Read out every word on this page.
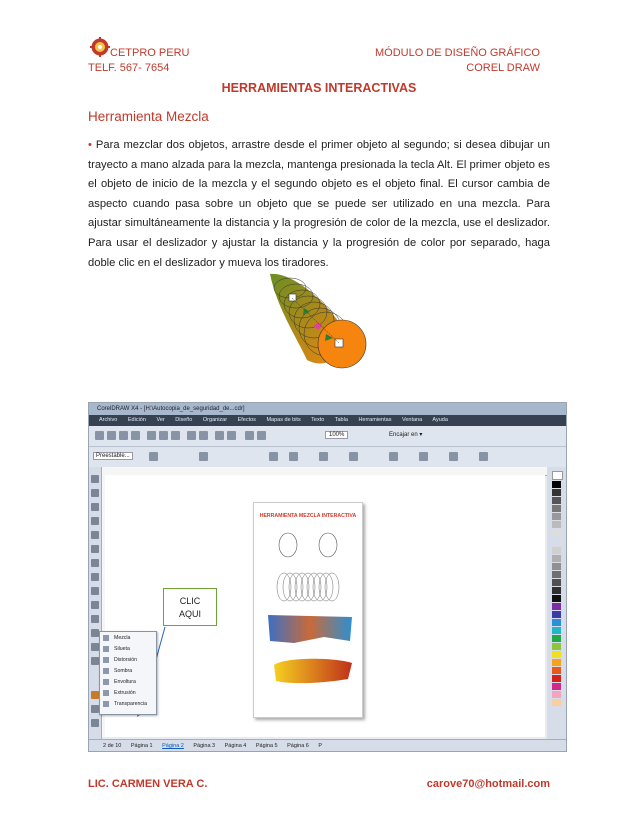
CETPRO PERU
TELF. 567- 7654
MÓDULO DE DISEÑO GRÁFICO
COREL DRAW
HERRAMIENTAS INTERACTIVAS
Herramienta Mezcla
• Para mezclar dos objetos, arrastre desde el primer objeto al segundo; si desea dibujar un trayecto a mano alzada para la mezcla, mantenga presionada la tecla Alt. El primer objeto es el objeto de inicio de la mezcla y el segundo objeto es el objeto final. El cursor cambia de aspecto cuando pasa sobre un objeto que se puede ser utilizado en una mezcla. Para ajustar simultáneamente la distancia y la progresión de color de la mezcla, use el deslizador. Para usar el deslizador y ajustar la distancia y la progresión de color por separado, haga doble clic en el deslizador y mueva los tiradores.
CorelDRAW X4 - [H:\Autocopia_de_seguridad_de...cdr]
Archivo Edición Ver Diseño Organizar Efectos Mapas de bits Texto Tabla Herramientas Ventana Ayuda
100%	Encajar en ▾
Preestable...
HERRAMIENTA MEZCLA INTERACTIVA
CLIC
AQUI
Mezcla
Silueta
Distorsión
Sombra
Envoltura
Extrusión
Transparencia
2 de 10 Página 1 Página 2 Página 3 Página 4 Página 5 Página 6 P
LIC. CARMEN VERA C.	carove70@hotmail.com
